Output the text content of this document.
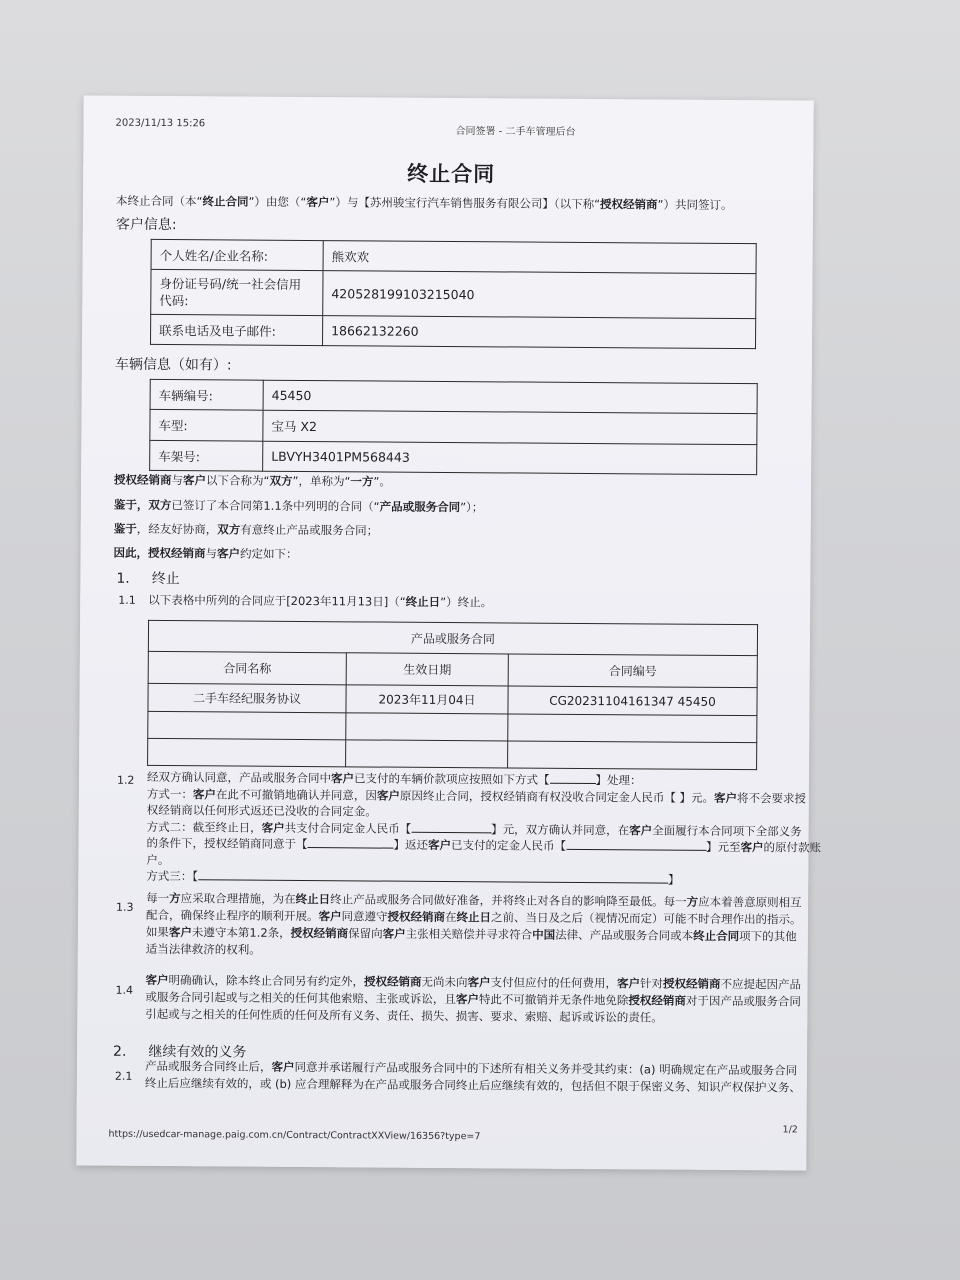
2023/11/13 15:26
合同签署 - 二手车管理后台
终止合同
本终止合同（本“终止合同”）由您（“客户”）与【苏州骏宝行汽车销售服务有限公司】（以下称“授权经销商”）共同签订。
客户信息:
个人姓名/企业名称:	熊欢欢
身份证号码/统一社会信用
代码:	420528199103215040
联系电话及电子邮件:	18662132260
车辆信息（如有）:
车辆编号:	45450
车型:	宝马 X2
车架号:	LBVYH3401PM568443
授权经销商与客户以下合称为“双方”，单称为“一方”。
鉴于，双方已签订了本合同第1.1条中列明的合同（“产品或服务合同”）；
鉴于，经友好协商，双方有意终止产品或服务合同；
因此，授权经销商与客户约定如下：
1. 终止
1.1 以下表格中所列的合同应于[2023年11月13日]（“终止日”）终止。
产品或服务合同		
合同名称	生效日期	合同编号
二手车经纪服务协议	2023年11月04日	CG20231104161347 45450

1.2 经双方确认同意，产品或服务合同中客户已支付的车辆价款项应按照如下方式【	】处理：
方式一：客户在此不可撤销地确认并同意，因客户原因终止合同，授权经销商有权没收合同定金人民币【 】元。客户将不会要求授
权经销商以任何形式返还已没收的合同定金。
方式二：截至终止日，客户共支付合同定金人民币【	】元，双方确认并同意，在客户全面履行本合同项下全部义务
的条件下，授权经销商同意于【	】返还客户已支付的定金人民币【	】元至客户的原付款账
户。
方式三：【	】
1.3
每一方应采取合理措施，为在终止日终止产品或服务合同做好准备，并将终止对各自的影响降至最低。每一方应本着善意原则相互
配合，确保终止程序的顺利开展。客户同意遵守授权经销商在终止日之前、当日及之后（视情况而定）可能不时合理作出的指示。
如果客户未遵守本第1.2条，授权经销商保留向客户主张相关赔偿并寻求符合中国法律、产品或服务合同或本终止合同项下的其他
适当法律救济的权利。
1.4
客户明确确认，除本终止合同另有约定外，授权经销商无尚未向客户支付但应付的任何费用，客户针对授权经销商不应提起因产品
或服务合同引起或与之相关的任何其他索赔、主张或诉讼，且客户特此不可撤销并无条件地免除授权经销商对于因产品或服务合同
引起或与之相关的任何性质的任何及所有义务、责任、损失、损害、要求、索赔、起诉或诉讼的责任。
2. 继续有效的义务
2.1
产品或服务合同终止后，客户同意并承诺履行产品或服务合同中的下述所有相关义务并受其约束：(a) 明确规定在产品或服务合同
终止后应继续有效的，或 (b) 应合理解释为在产品或服务合同终止后应继续有效的，包括但不限于保密义务、知识产权保护义务、
https://usedcar-manage.paig.com.cn/Contract/ContractXXView/16356?type=7	1/2
